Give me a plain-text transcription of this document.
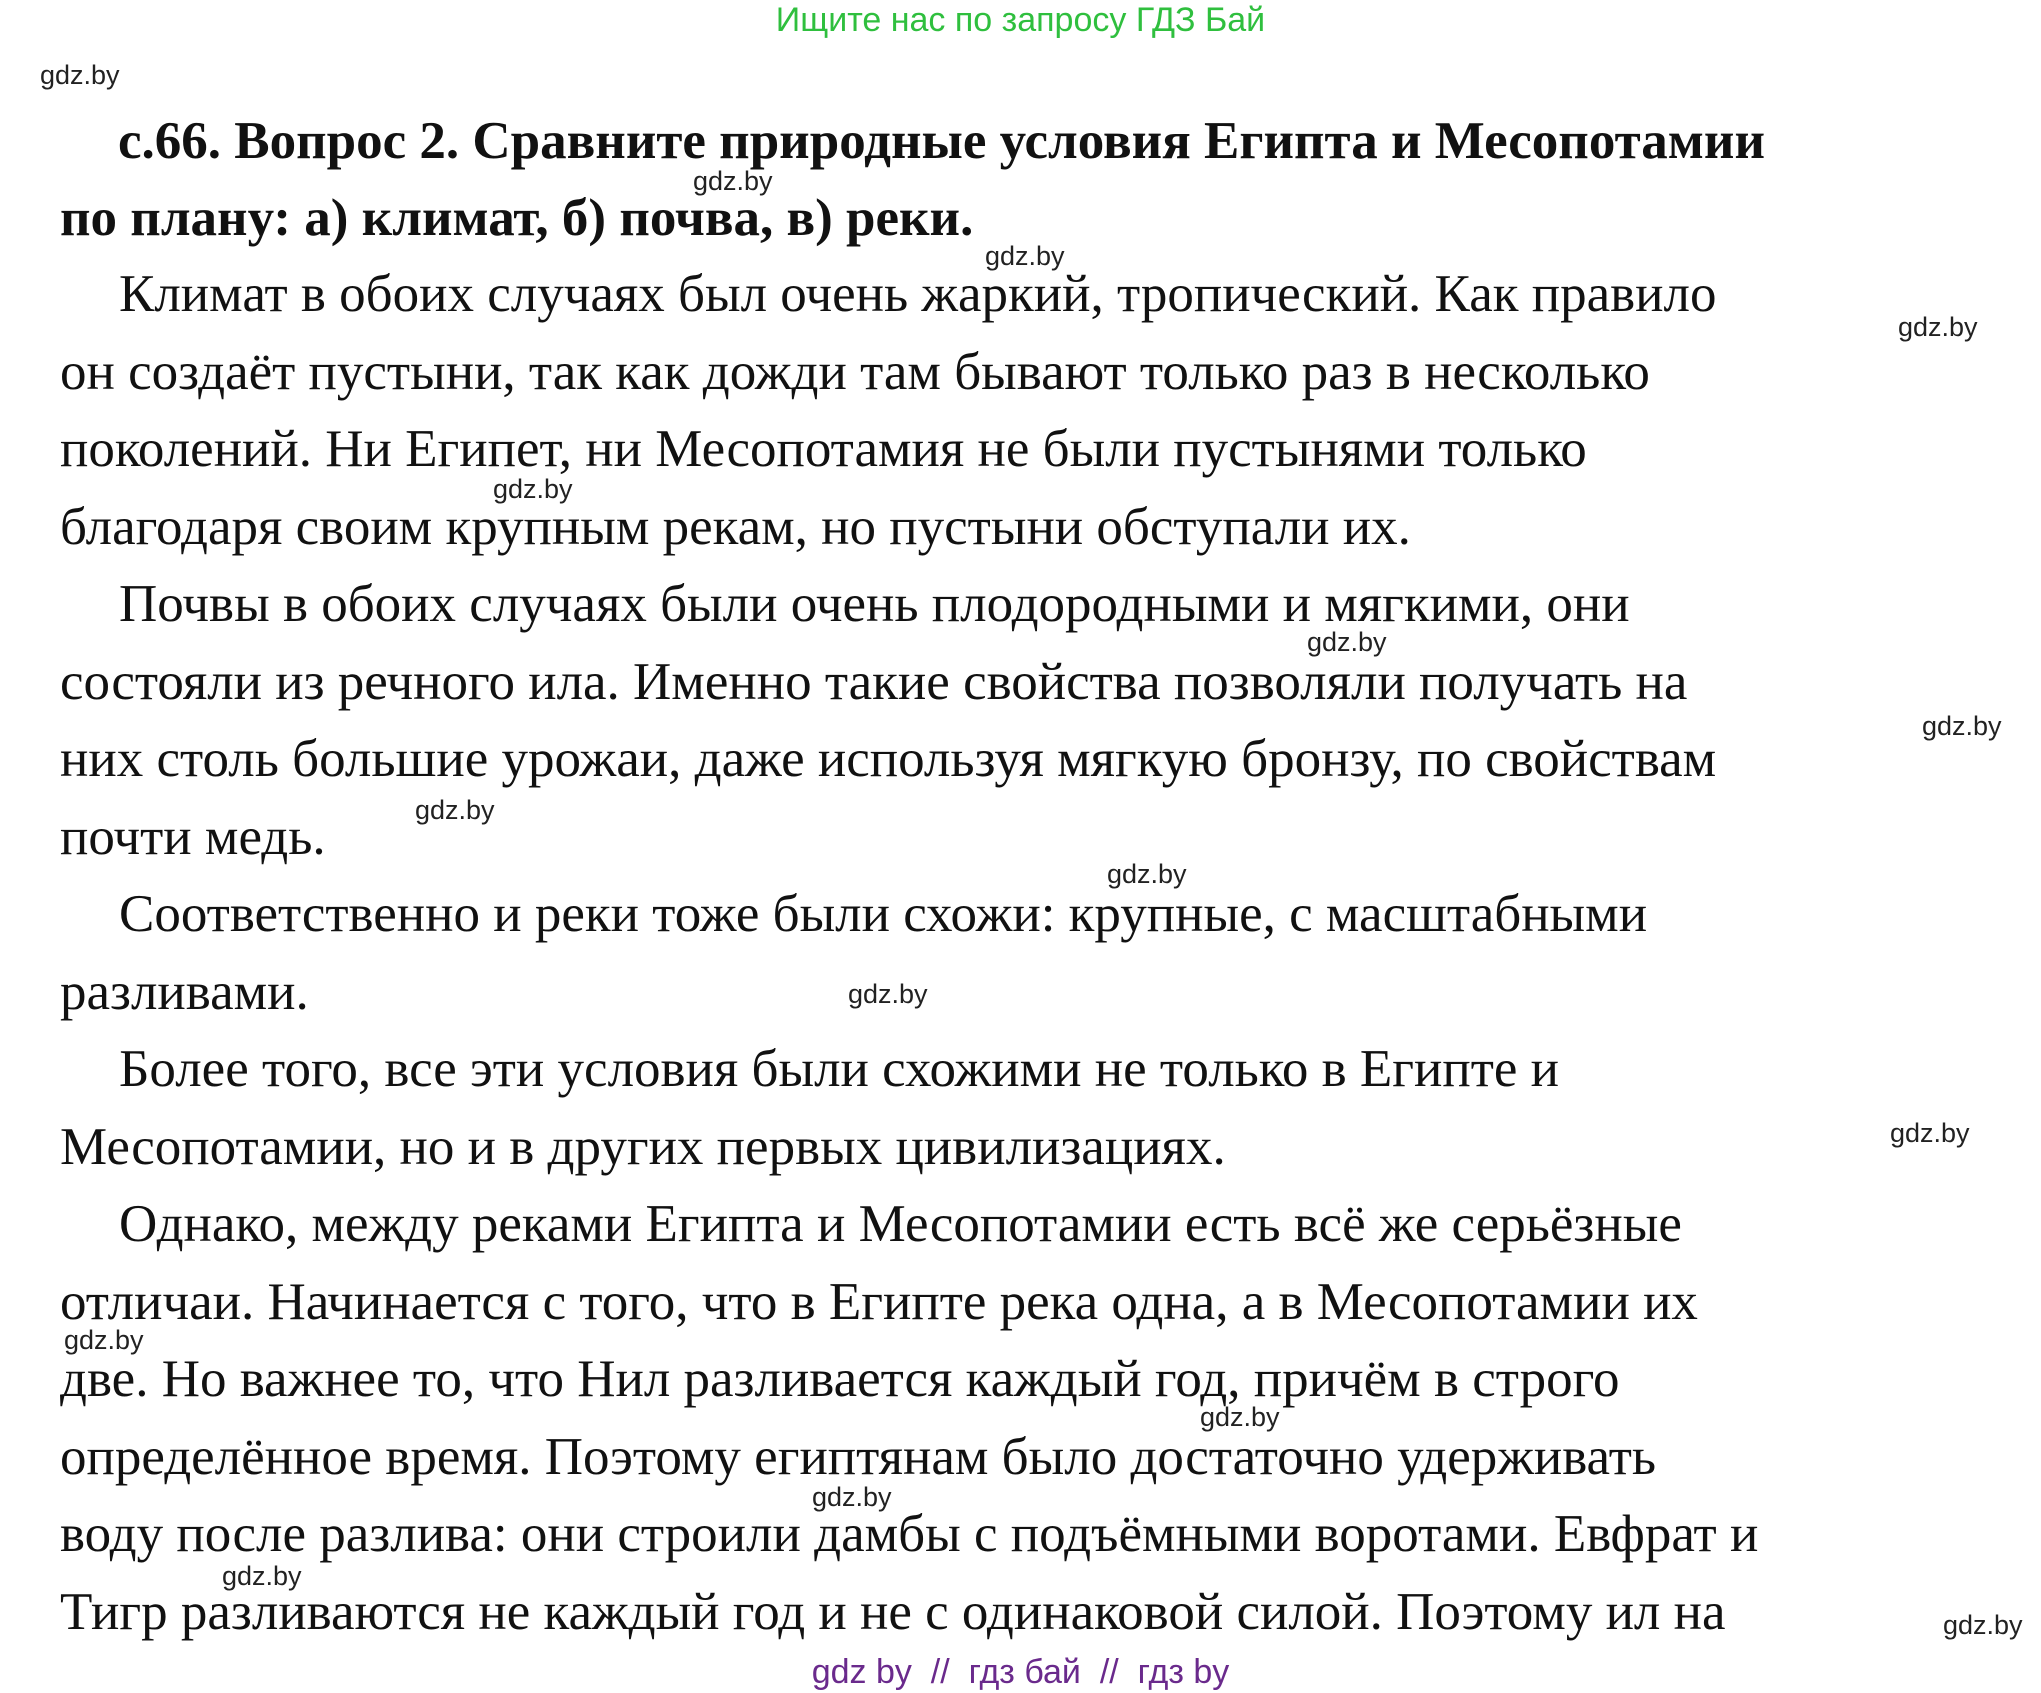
Ищите нас по запросу ГДЗ Бай
с.66. Вопрос 2. Сравните природные условия Египта и Месопотамии
по плану: а) климат, б) почва, в) реки.
Климат в обоих случаях был очень жаркий, тропический. Как правило
он создаёт пустыни, так как дожди там бывают только раз в несколько
поколений. Ни Египет, ни Месопотамия не были пустынями только
благодаря своим крупным рекам, но пустыни обступали их.
Почвы в обоих случаях были очень плодородными и мягкими, они
состояли из речного ила. Именно такие свойства позволяли получать на
них столь большие урожаи, даже используя мягкую бронзу, по свойствам
почти медь.
Соответственно и реки тоже были схожи: крупные, с масштабными
разливами.
Более того, все эти условия были схожими не только в Египте и
Месопотамии, но и в других первых цивилизациях.
Однако, между реками Египта и Месопотамии есть всё же серьёзные
отличаи. Начинается с того, что в Египте река одна, а в Месопотамии их
две. Но важнее то, что Нил разливается каждый год, причём в строго
определённое время. Поэтому египтянам было достаточно удерживать
воду после разлива: они строили дамбы с подъёмными воротами. Евфрат и
Тигр разливаются не каждый год и не с одинаковой силой. Поэтому ил на
gdz.by
gdz.by
gdz.by
gdz.by
gdz.by
gdz.by
gdz.by
gdz.by
gdz.by
gdz.by
gdz.by
gdz.by
gdz.by
gdz.by
gdz.by
gdz.by
gdz by  //  гдз бай  //  гдз by
